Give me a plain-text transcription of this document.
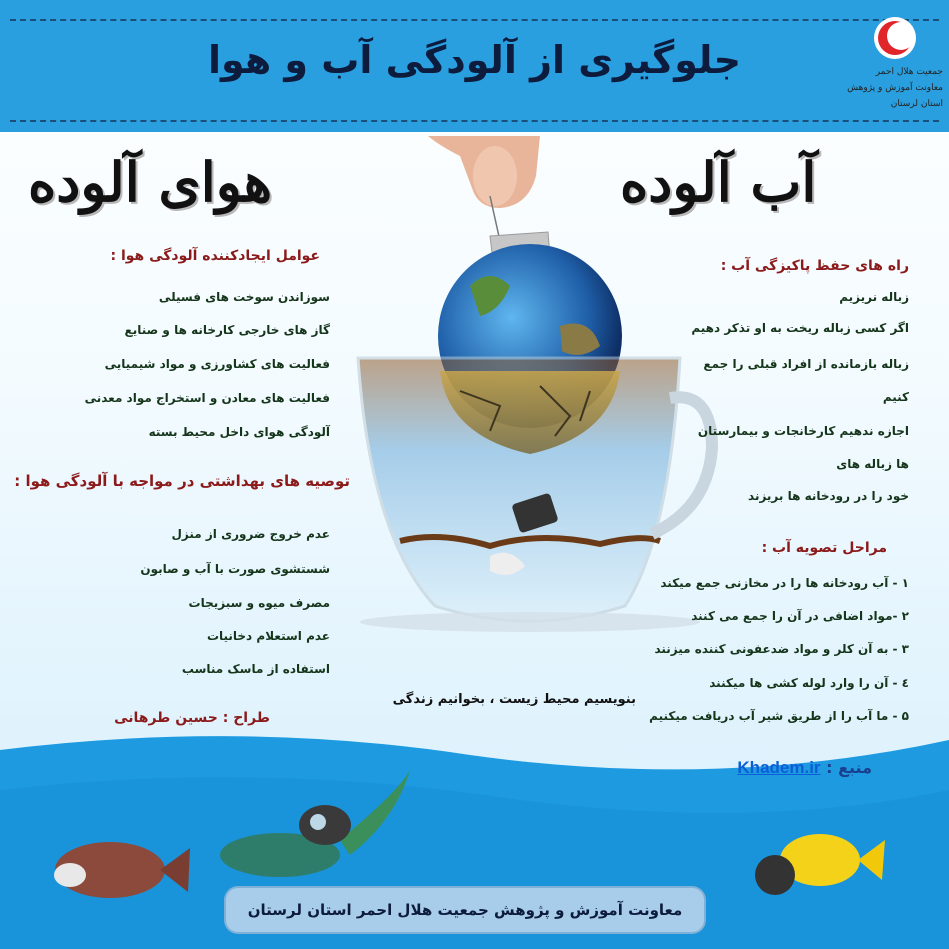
جلوگیری از آلودگی آب و هوا	جمعیت هلال احمر
معاونت آموزش و پژوهش
استان لرستان
آب آلوده
هوای آلوده
راه های حفظ پاکیزگی آب :
زباله نریزیم
اگر کسی زباله ریخت به او تذکر دهیم
زباله بازمانده از افراد قبلی را جمع
کنیم
اجازه ندهیم کارخانجات و بیمارستان
ها زباله های
خود را در رودخانه ها بریزند
مراحل تصویه آب :
۱ - آب رودخانه ها را در مخازنی جمع میکند
۲ -مواد اضافی در آن را جمع می کنند
۳ - به آن کلر و مواد ضدعفونی کننده میزنند
٤ - آن را وارد لوله کشی ها میکنند
۵ - ما آب را از طریق شیر آب دریافت میکنیم
عوامل ایجادکننده آلودگی هوا :
سوزاندن سوخت های فسیلی
گاز های خارجی کارخانه ها و صنایع
فعالیت های کشاورزی و مواد شیمیایی
فعالیت های معادن و استخراج مواد معدنی
آلودگی هوای داخل محیط بسته
توصیه های بهداشتی در مواجه با آلودگی هوا :
عدم خروج ضروری از منزل
شستشوی صورت با آب و صابون
مصرف میوه و سبزیجات
عدم استعلام دخانیات
استفاده از ماسک مناسب
طراح : حسین طرهانی
بنویسیم محیط زیست ، بخوانیم زندگی
منبع : Khadem.ir
معاونت آموزش و پژوهش جمعیت هلال احمر استان لرستان
